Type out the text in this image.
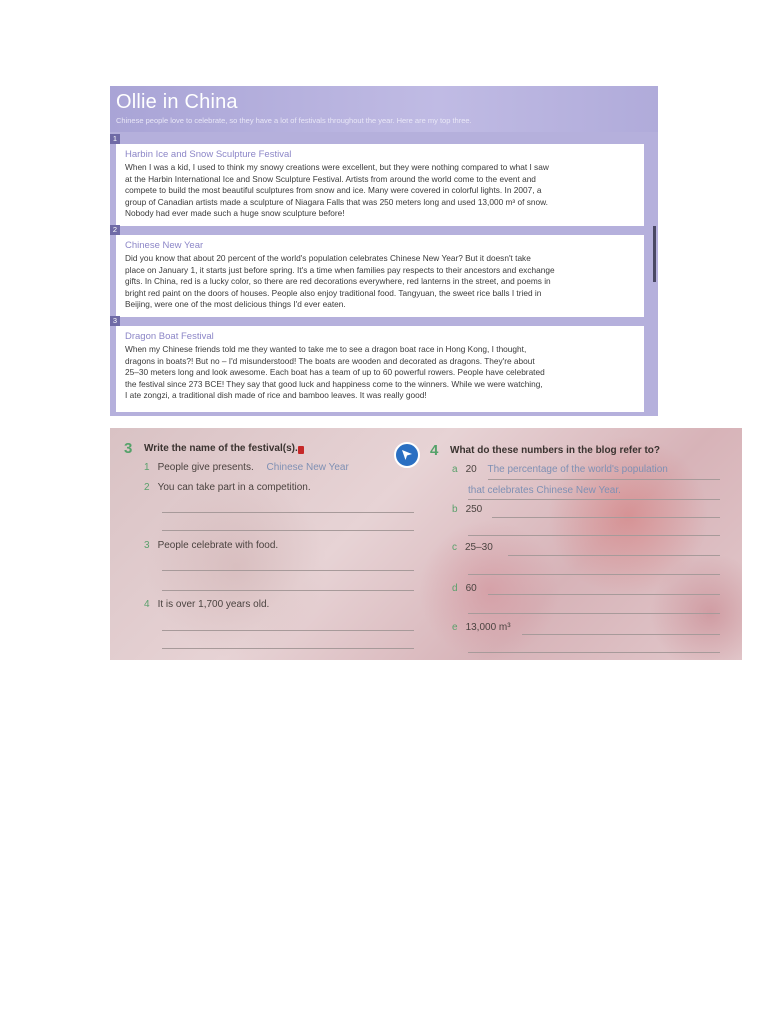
Ollie in China
Chinese people love to celebrate, so they have a lot of festivals throughout the year. Here are my top three.
1
Harbin Ice and Snow Sculpture Festival

When I was a kid, I used to think my snowy creations were excellent, but they were nothing compared to what I saw

at the Harbin International Ice and Snow Sculpture Festival. Artists from around the world come to the event and

compete to build the most beautiful sculptures from snow and ice. Many were covered in colorful lights. In 2007, a

group of Canadian artists made a sculpture of Niagara Falls that was 250 meters long and used 13,000 m³ of snow.

Nobody had ever made such a huge snow sculpture before!

2
Chinese New Year

Did you know that about 20 percent of the world's population celebrates Chinese New Year? But it doesn't take

place on January 1, it starts just before spring. It's a time when families pay respects to their ancestors and exchange

gifts. In China, red is a lucky color, so there are red decorations everywhere, red lanterns in the street, and poems in

bright red paint on the doors of houses. People also enjoy traditional food. Tangyuan, the sweet rice balls I tried in

Beijing, were one of the most delicious things I'd ever eaten.

3
Dragon Boat Festival

When my Chinese friends told me they wanted to take me to see a dragon boat race in Hong Kong, I thought,

dragons in boats?! But no – I'd misunderstood! The boats are wooden and decorated as dragons. They're about

25–30 meters long and look awesome. Each boat has a team of up to 60 powerful rowers. People have celebrated

the festival since 273 BCE! They say that good luck and happiness come to the winners. While we were watching,

I ate zongzi, a traditional dish made of rice and bamboo leaves. It was really good!

3 Write the name of the festival(s).
1 People give presents. Chinese New Year
2 You can take part in a competition.
3 People celebrate with food.
4 It is over 1,700 years old.
4 What do these numbers in the blog refer to?
a 20 The percentage of the world's population
that celebrates Chinese New Year.
b 250
c 25–30
d 60
e 13,000 m³
